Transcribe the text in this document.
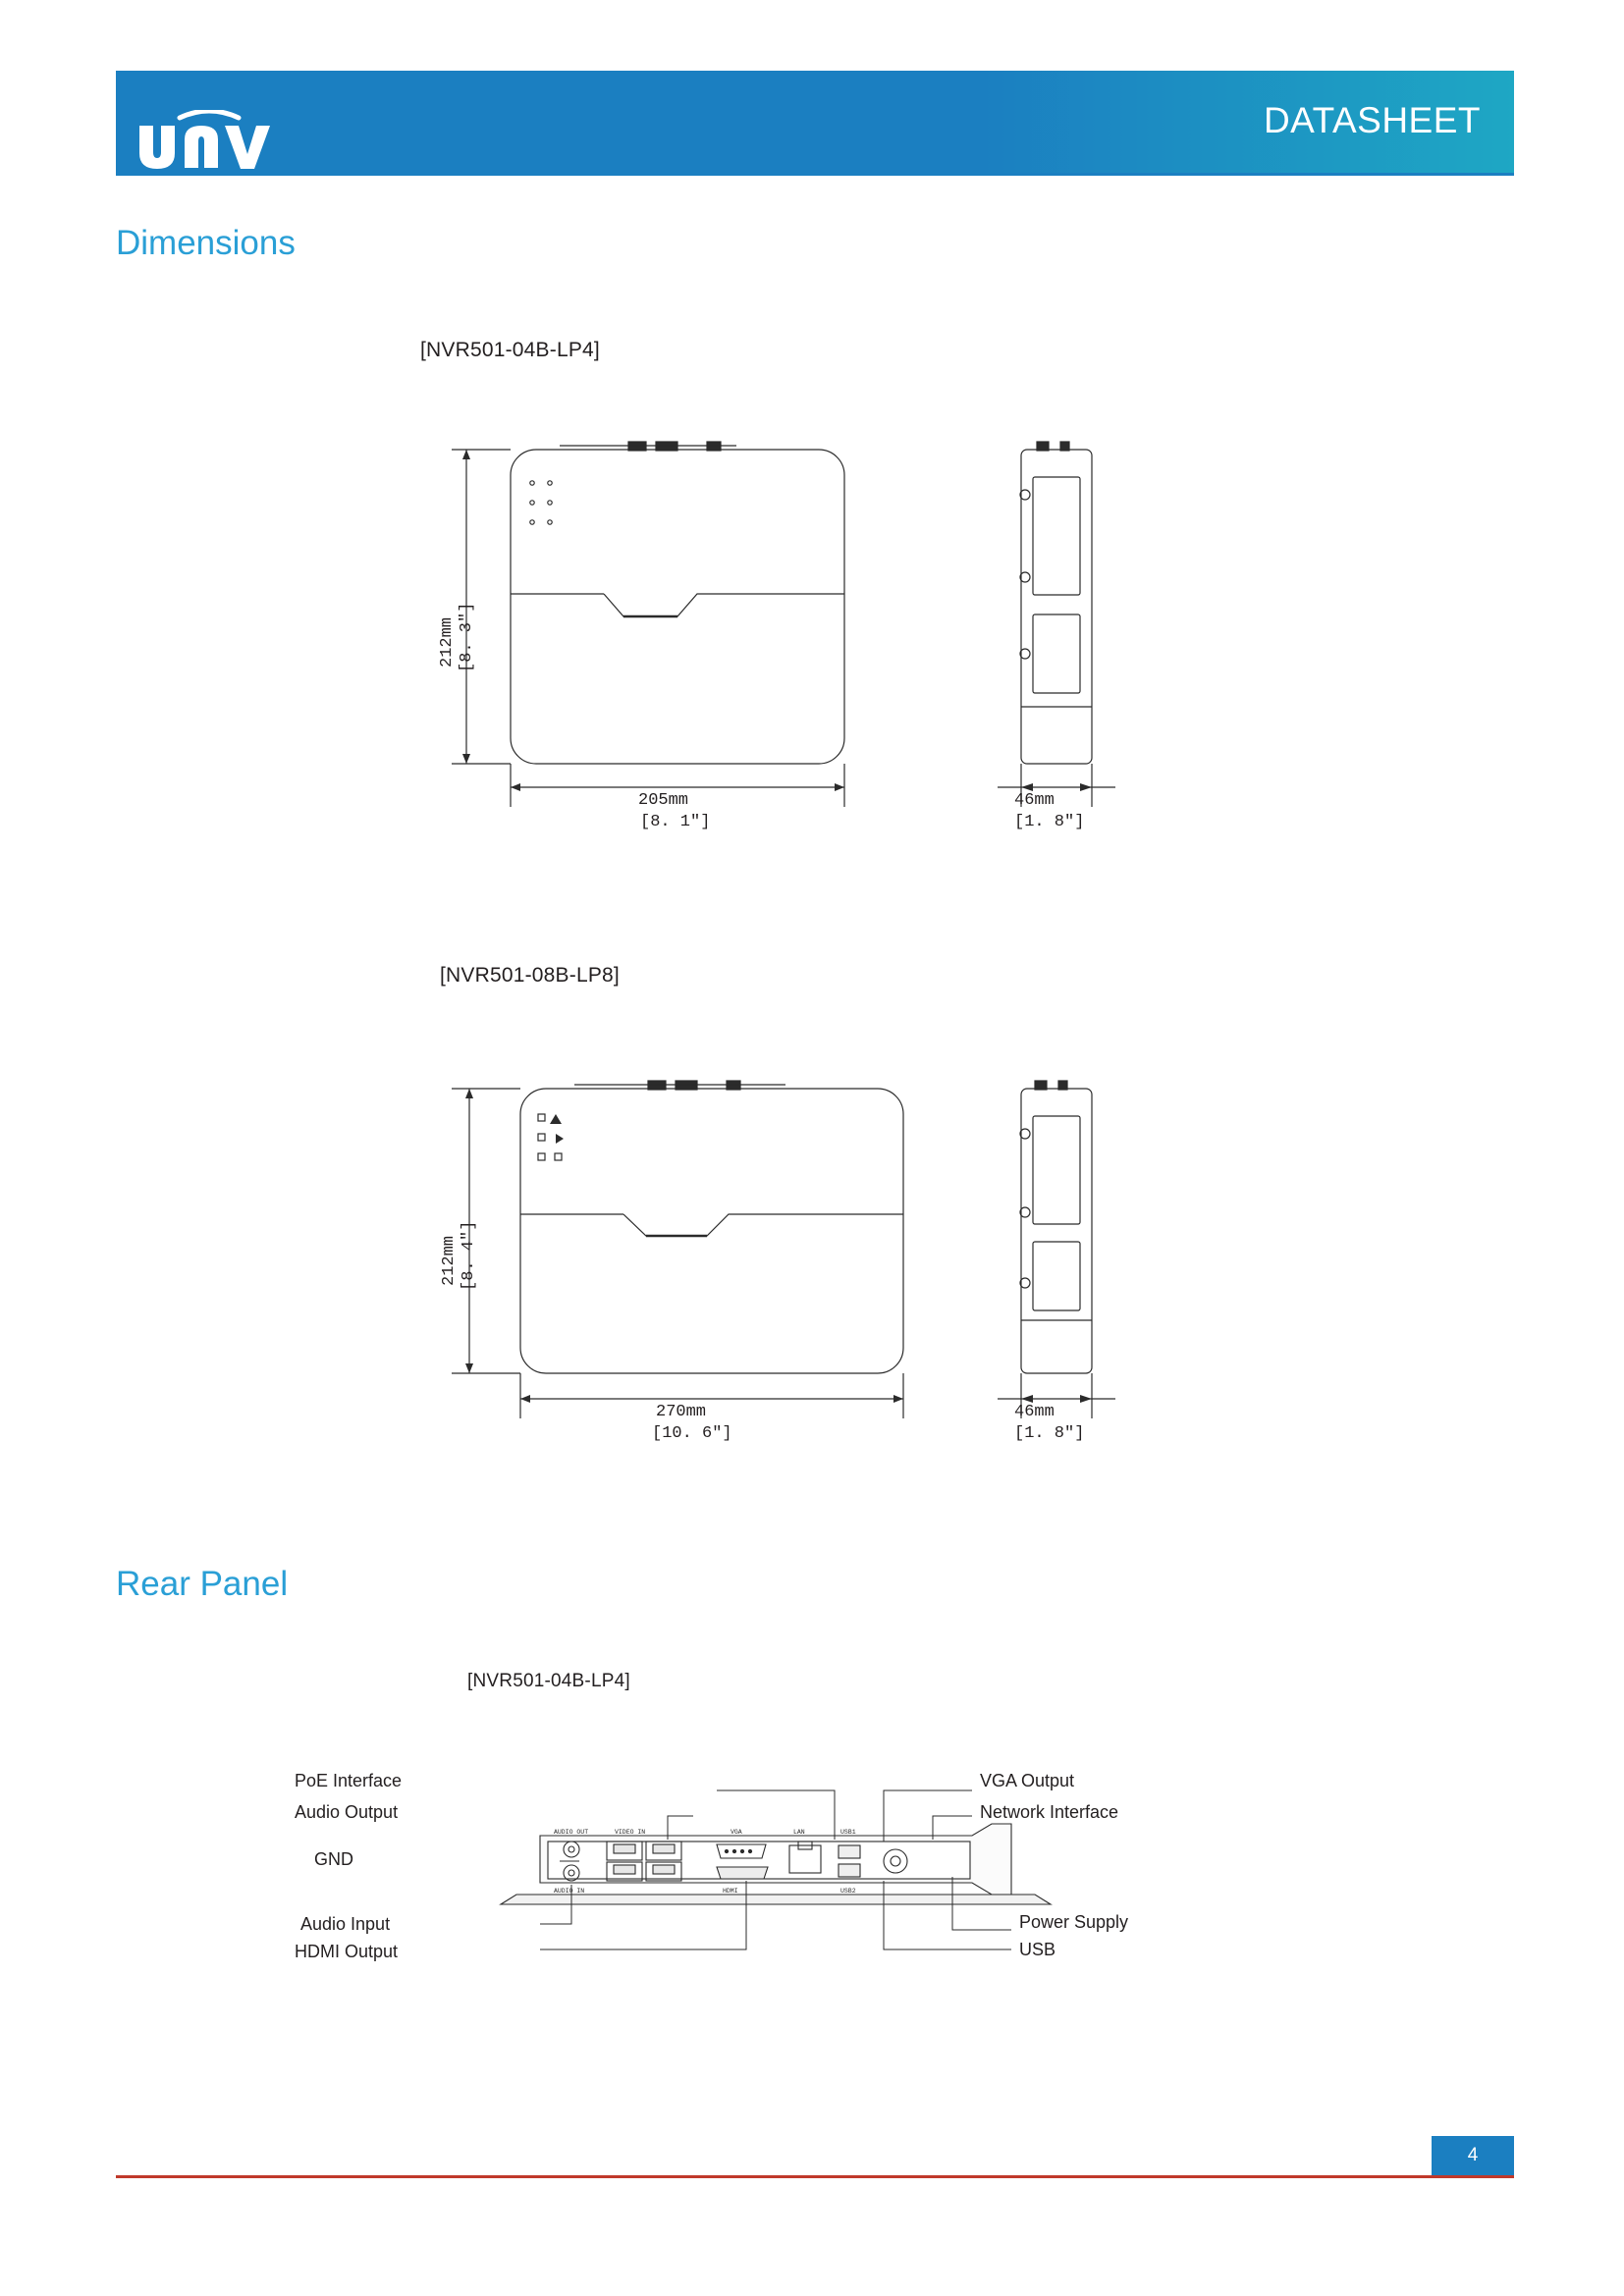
DATASHEET
Dimensions
[NVR501-04B-LP4]
212mm [8. 3"]
205mm
[8. 1"]
46mm
[1. 8"]
[NVR501-08B-LP8]
212mm [8. 4"]
270mm
[10. 6"]
46mm
[1. 8"]
Rear Panel
[NVR501-04B-LP4]
AUDIO OUT	VIDEO IN	VGA	LAN	USB1
AUDIO IN	HDMI	USB2
PoE Interface
Audio Output
GND
Audio Input
HDMI Output
VGA Output
Network Interface
Power Supply
USB
4
